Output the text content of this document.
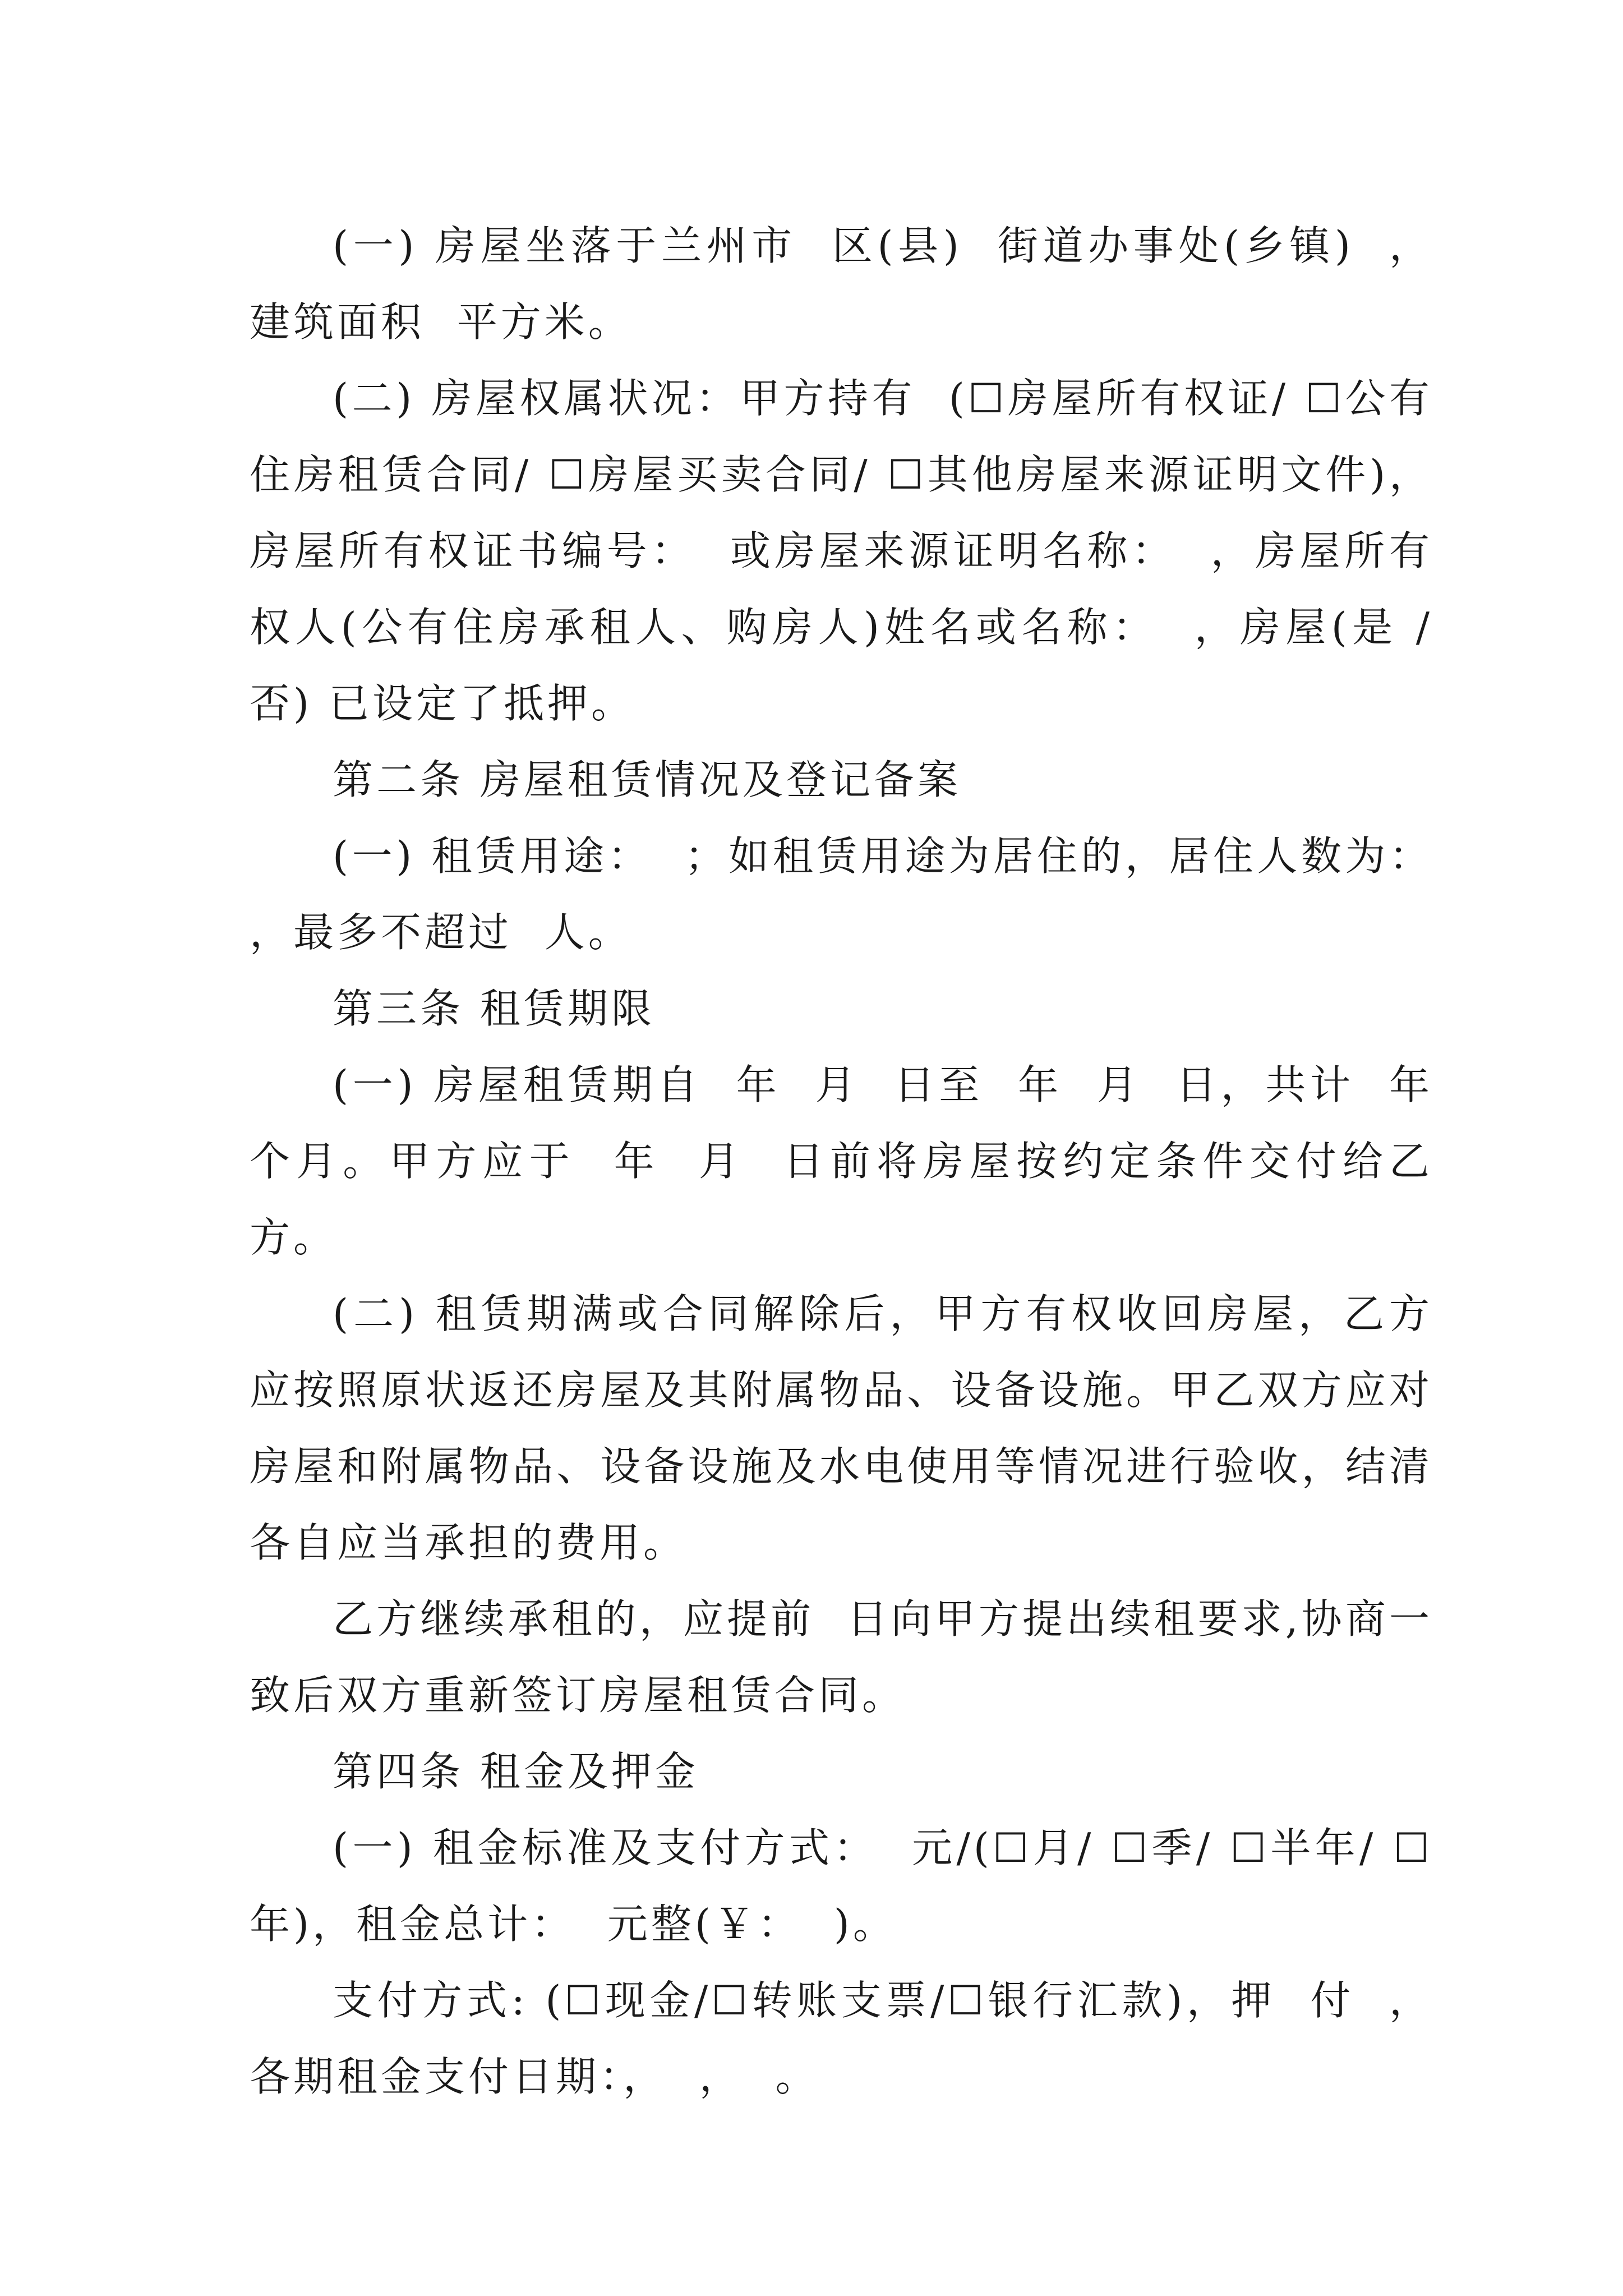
(一) 房屋坐落于兰州市  区(县)  街道办事处(乡镇)  ，建筑面积  平方米。

(二) 房屋权属状况：甲方持有  (☐房屋所有权证/ ☐公有住房租赁合同/ ☐房屋买卖合同/ ☐其他房屋来源证明文件)，房屋所有权证书编号：  或房屋来源证明名称：  ，房屋所有权人(公有住房承租人、购房人)姓名或名称：  ，房屋(是 / 否) 已设定了抵押。

第二条 房屋租赁情况及登记备案

(一) 租赁用途：  ；如租赁用途为居住的，居住人数为：  ，最多不超过  人。

第三条 租赁期限

(一) 房屋租赁期自  年  月  日至  年  月  日，共计  年  个月。甲方应于  年  月  日前将房屋按约定条件交付给乙方。

(二) 租赁期满或合同解除后，甲方有权收回房屋，乙方应按照原状返还房屋及其附属物品、设备设施。甲乙双方应对房屋和附属物品、设备设施及水电使用等情况进行验收，结清各自应当承担的费用。

乙方继续承租的，应提前  日向甲方提出续租要求,协商一致后双方重新签订房屋租赁合同。

第四条 租金及押金

(一) 租金标准及支付方式：  元/(☐月/ ☐季/ ☐半年/ ☐年)，租金总计：  元整(￥：  )。

支付方式: (☐现金/☐转账支票/☐银行汇款)，押  付  ，各期租金支付日期：，  ，  。
